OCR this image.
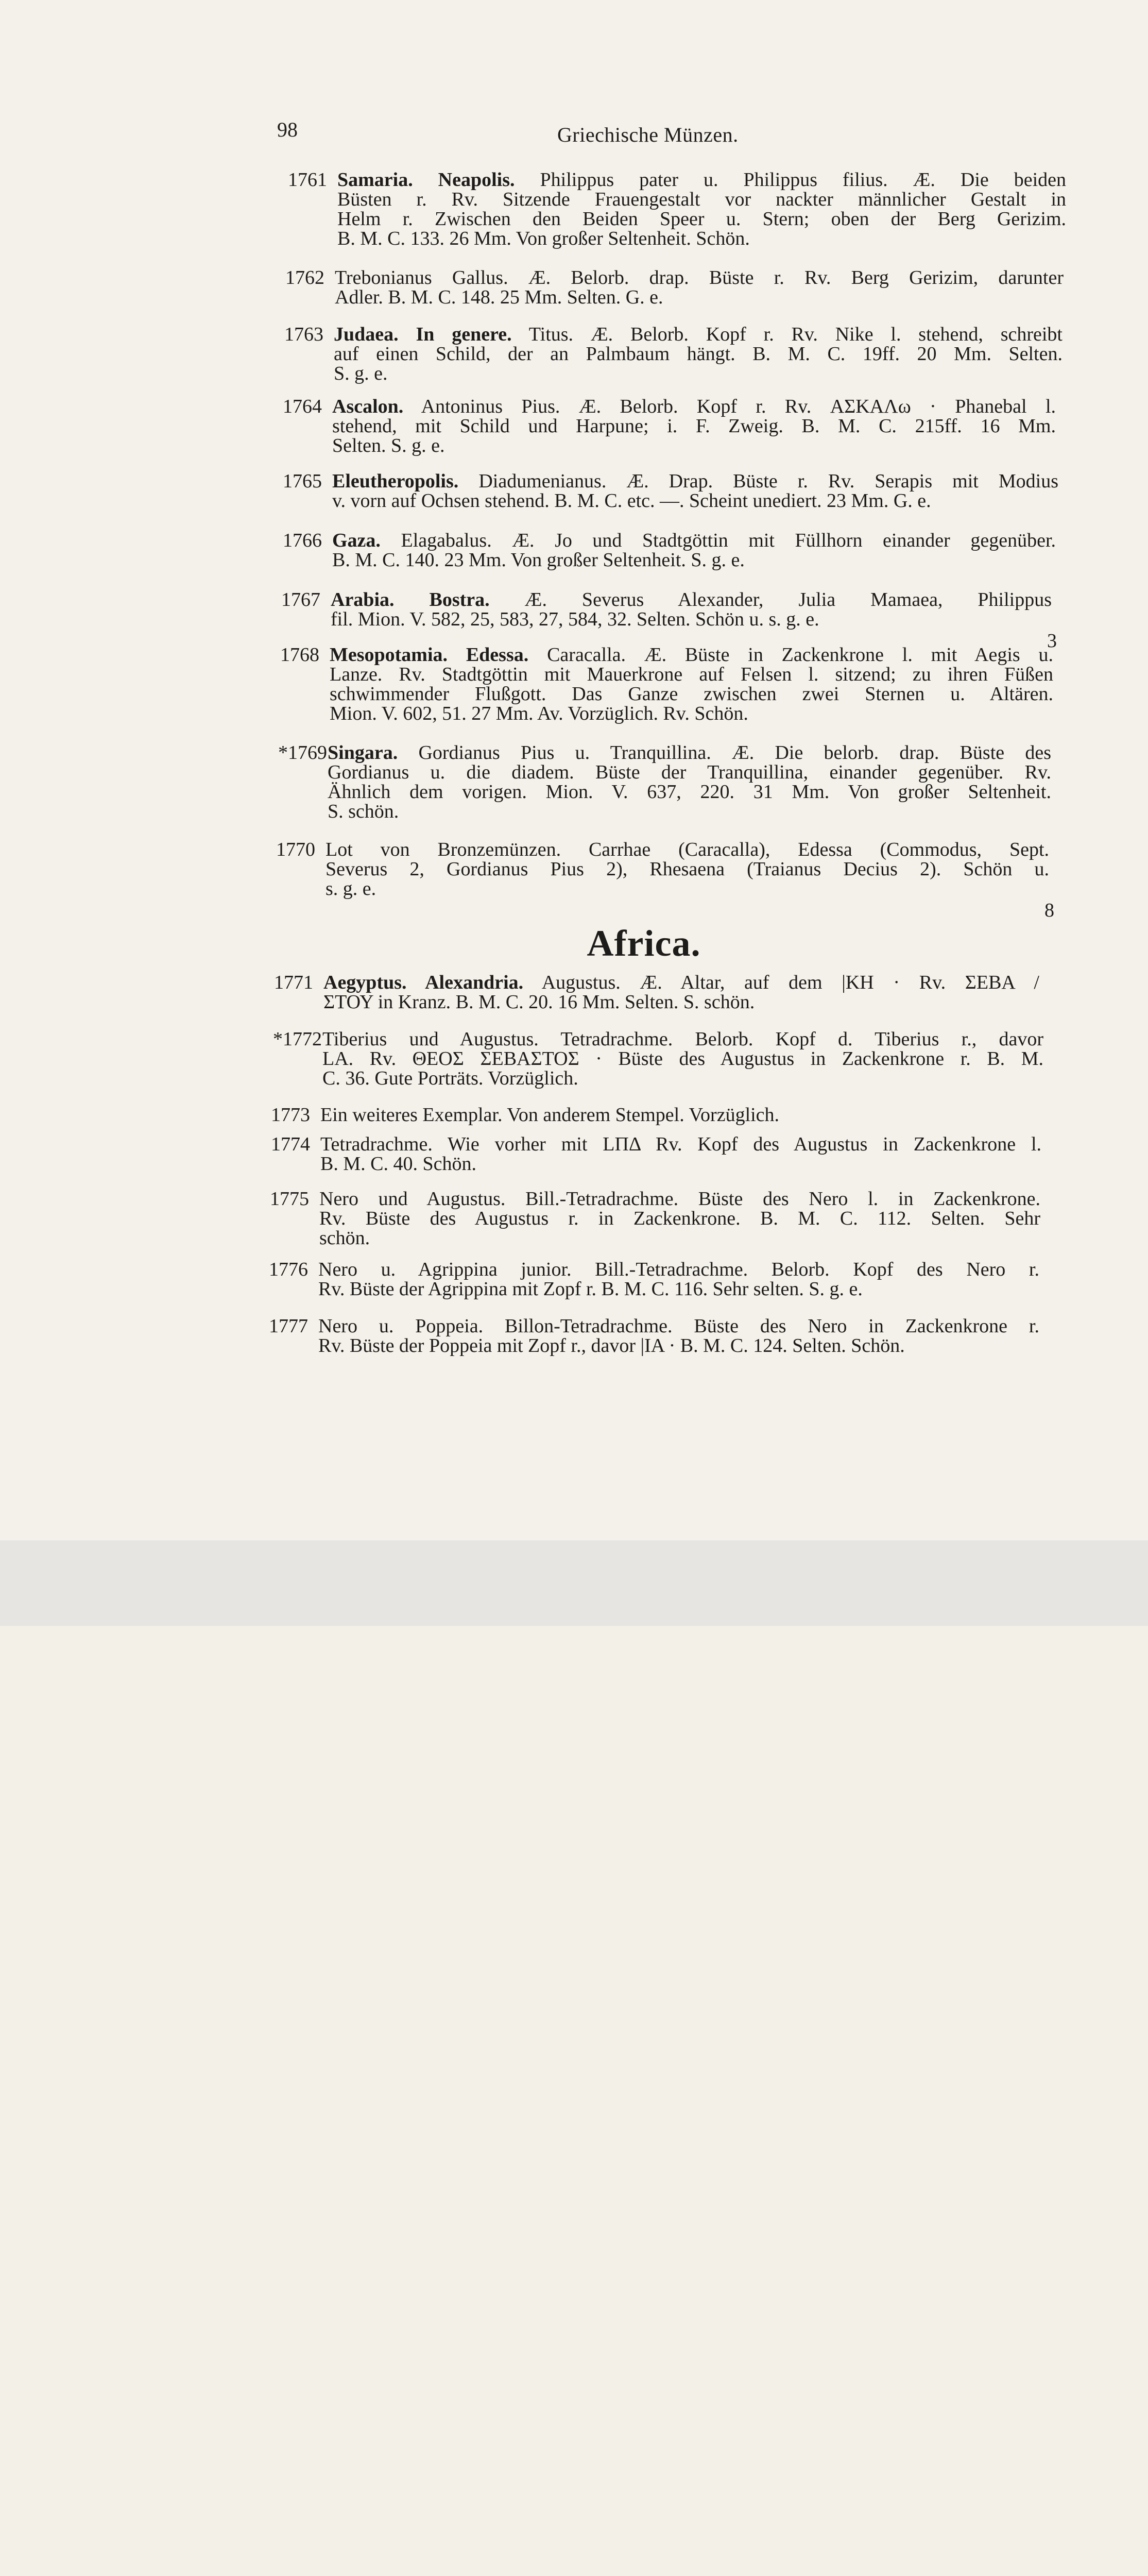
98	Griechische Münzen.
1761 Samaria. Neapolis. Philippus pater u. Philippus filius. Æ. Die beiden
Büsten r. Rv. Sitzende Frauengestalt vor nackter männlicher Gestalt in
Helm r. Zwischen den Beiden Speer u. Stern; oben der Berg Gerizim.
B. M. C. 133. 26 Mm. Von großer Seltenheit. Schön.
1762 Trebonianus Gallus. Æ. Belorb. drap. Büste r. Rv. Berg Gerizim, darunter
Adler. B. M. C. 148. 25 Mm. Selten. G. e.
1763 Judaea. In genere. Titus. Æ. Belorb. Kopf r. Rv. Nike l. stehend, schreibt
auf einen Schild, der an Palmbaum hängt. B. M. C. 19ff. 20 Mm. Selten.
S. g. e.
1764 Ascalon. Antoninus Pius. Æ. Belorb. Kopf r. Rv. ΑΣΚΑΛω · Phanebal l.
stehend, mit Schild und Harpune; i. F. Zweig. B. M. C. 215ff. 16 Mm.
Selten. S. g. e.
1765 Eleutheropolis. Diadumenianus. Æ. Drap. Büste r. Rv. Serapis mit Modius
v. vorn auf Ochsen stehend. B. M. C. etc. —. Scheint unediert. 23 Mm. G. e.
1766 Gaza. Elagabalus. Æ. Jo und Stadtgöttin mit Füllhorn einander gegenüber.
B. M. C. 140. 23 Mm. Von großer Seltenheit. S. g. e.
1767 Arabia. Bostra. Æ. Severus Alexander, Julia Mamaea, Philippus
fil. Mion. V. 582, 25, 583, 27, 584, 32. Selten. Schön u. s. g. e.
3
1768 Mesopotamia. Edessa. Caracalla. Æ. Büste in Zackenkrone l. mit Aegis u.
Lanze. Rv. Stadtgöttin mit Mauerkrone auf Felsen l. sitzend; zu ihren Füßen
schwimmender Flußgott. Das Ganze zwischen zwei Sternen u. Altären.
Mion. V. 602, 51. 27 Mm. Av. Vorzüglich. Rv. Schön.
*1769 Singara. Gordianus Pius u. Tranquillina. Æ. Die belorb. drap. Büste des
Gordianus u. die diadem. Büste der Tranquillina, einander gegenüber. Rv.
Ähnlich dem vorigen. Mion. V. 637, 220. 31 Mm. Von großer Seltenheit.
S. schön.
1770 Lot von Bronzemünzen. Carrhae (Caracalla), Edessa (Commodus, Sept.
Severus 2, Gordianus Pius 2), Rhesaena (Traianus Decius 2). Schön u.
s. g. e.
8
1771 Aegyptus. Alexandria. Augustus. Æ. Altar, auf dem |KH · Rv. ΣΕΒΑ /
ΣΤΟΥ in Kranz. B. M. C. 20. 16 Mm. Selten. S. schön.
*1772 Tiberius und Augustus. Tetradrachme. Belorb. Kopf d. Tiberius r., davor
LA. Rv. ΘΕΟΣ ΣΕΒΑΣΤΟΣ · Büste des Augustus in Zackenkrone r. B. M.
C. 36. Gute Porträts. Vorzüglich.
1773 Ein weiteres Exemplar. Von anderem Stempel. Vorzüglich.
1774 Tetradrachme. Wie vorher mit LΠΔ Rv. Kopf des Augustus in Zackenkrone l.
B. M. C. 40. Schön.
1775 Nero und Augustus. Bill.-Tetradrachme. Büste des Nero l. in Zackenkrone.
Rv. Büste des Augustus r. in Zackenkrone. B. M. C. 112. Selten. Sehr
schön.
1776 Nero u. Agrippina junior. Bill.-Tetradrachme. Belorb. Kopf des Nero r.
Rv. Büste der Agrippina mit Zopf r. B. M. C. 116. Sehr selten. S. g. e.
1777 Nero u. Poppeia. Billon-Tetradrachme. Büste des Nero in Zackenkrone r.
Rv. Büste der Poppeia mit Zopf r., davor |IA · B. M. C. 124. Selten. Schön.
Africa.
